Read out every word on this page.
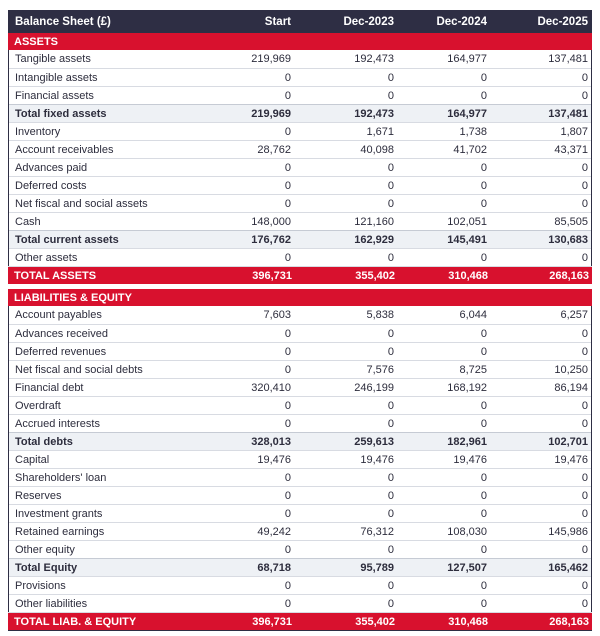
Balance Sheet (£)	Start	Dec-2023	Dec-2024	Dec-2025
ASSETS
Tangible assets	219,969	192,473	164,977	137,481
Intangible assets	0	0	0	0
Financial assets	0	0	0	0
Total fixed assets	219,969	192,473	164,977	137,481
Inventory	0	1,671	1,738	1,807
Account receivables	28,762	40,098	41,702	43,371
Advances paid	0	0	0	0
Deferred costs	0	0	0	0
Net fiscal and social assets	0	0	0	0
Cash	148,000	121,160	102,051	85,505
Total current assets	176,762	162,929	145,491	130,683
Other assets	0	0	0	0
TOTAL ASSETS	396,731	355,402	310,468	268,163
LIABILITIES & EQUITY
Account payables	7,603	5,838	6,044	6,257
Advances received	0	0	0	0
Deferred revenues	0	0	0	0
Net fiscal and social debts	0	7,576	8,725	10,250
Financial debt	320,410	246,199	168,192	86,194
Overdraft	0	0	0	0
Accrued interests	0	0	0	0
Total debts	328,013	259,613	182,961	102,701
Capital	19,476	19,476	19,476	19,476
Shareholders' loan	0	0	0	0
Reserves	0	0	0	0
Investment grants	0	0	0	0
Retained earnings	49,242	76,312	108,030	145,986
Other equity	0	0	0	0
Total Equity	68,718	95,789	127,507	165,462
Provisions	0	0	0	0
Other liabilities	0	0	0	0
TOTAL LIAB. & EQUITY	396,731	355,402	310,468	268,163
